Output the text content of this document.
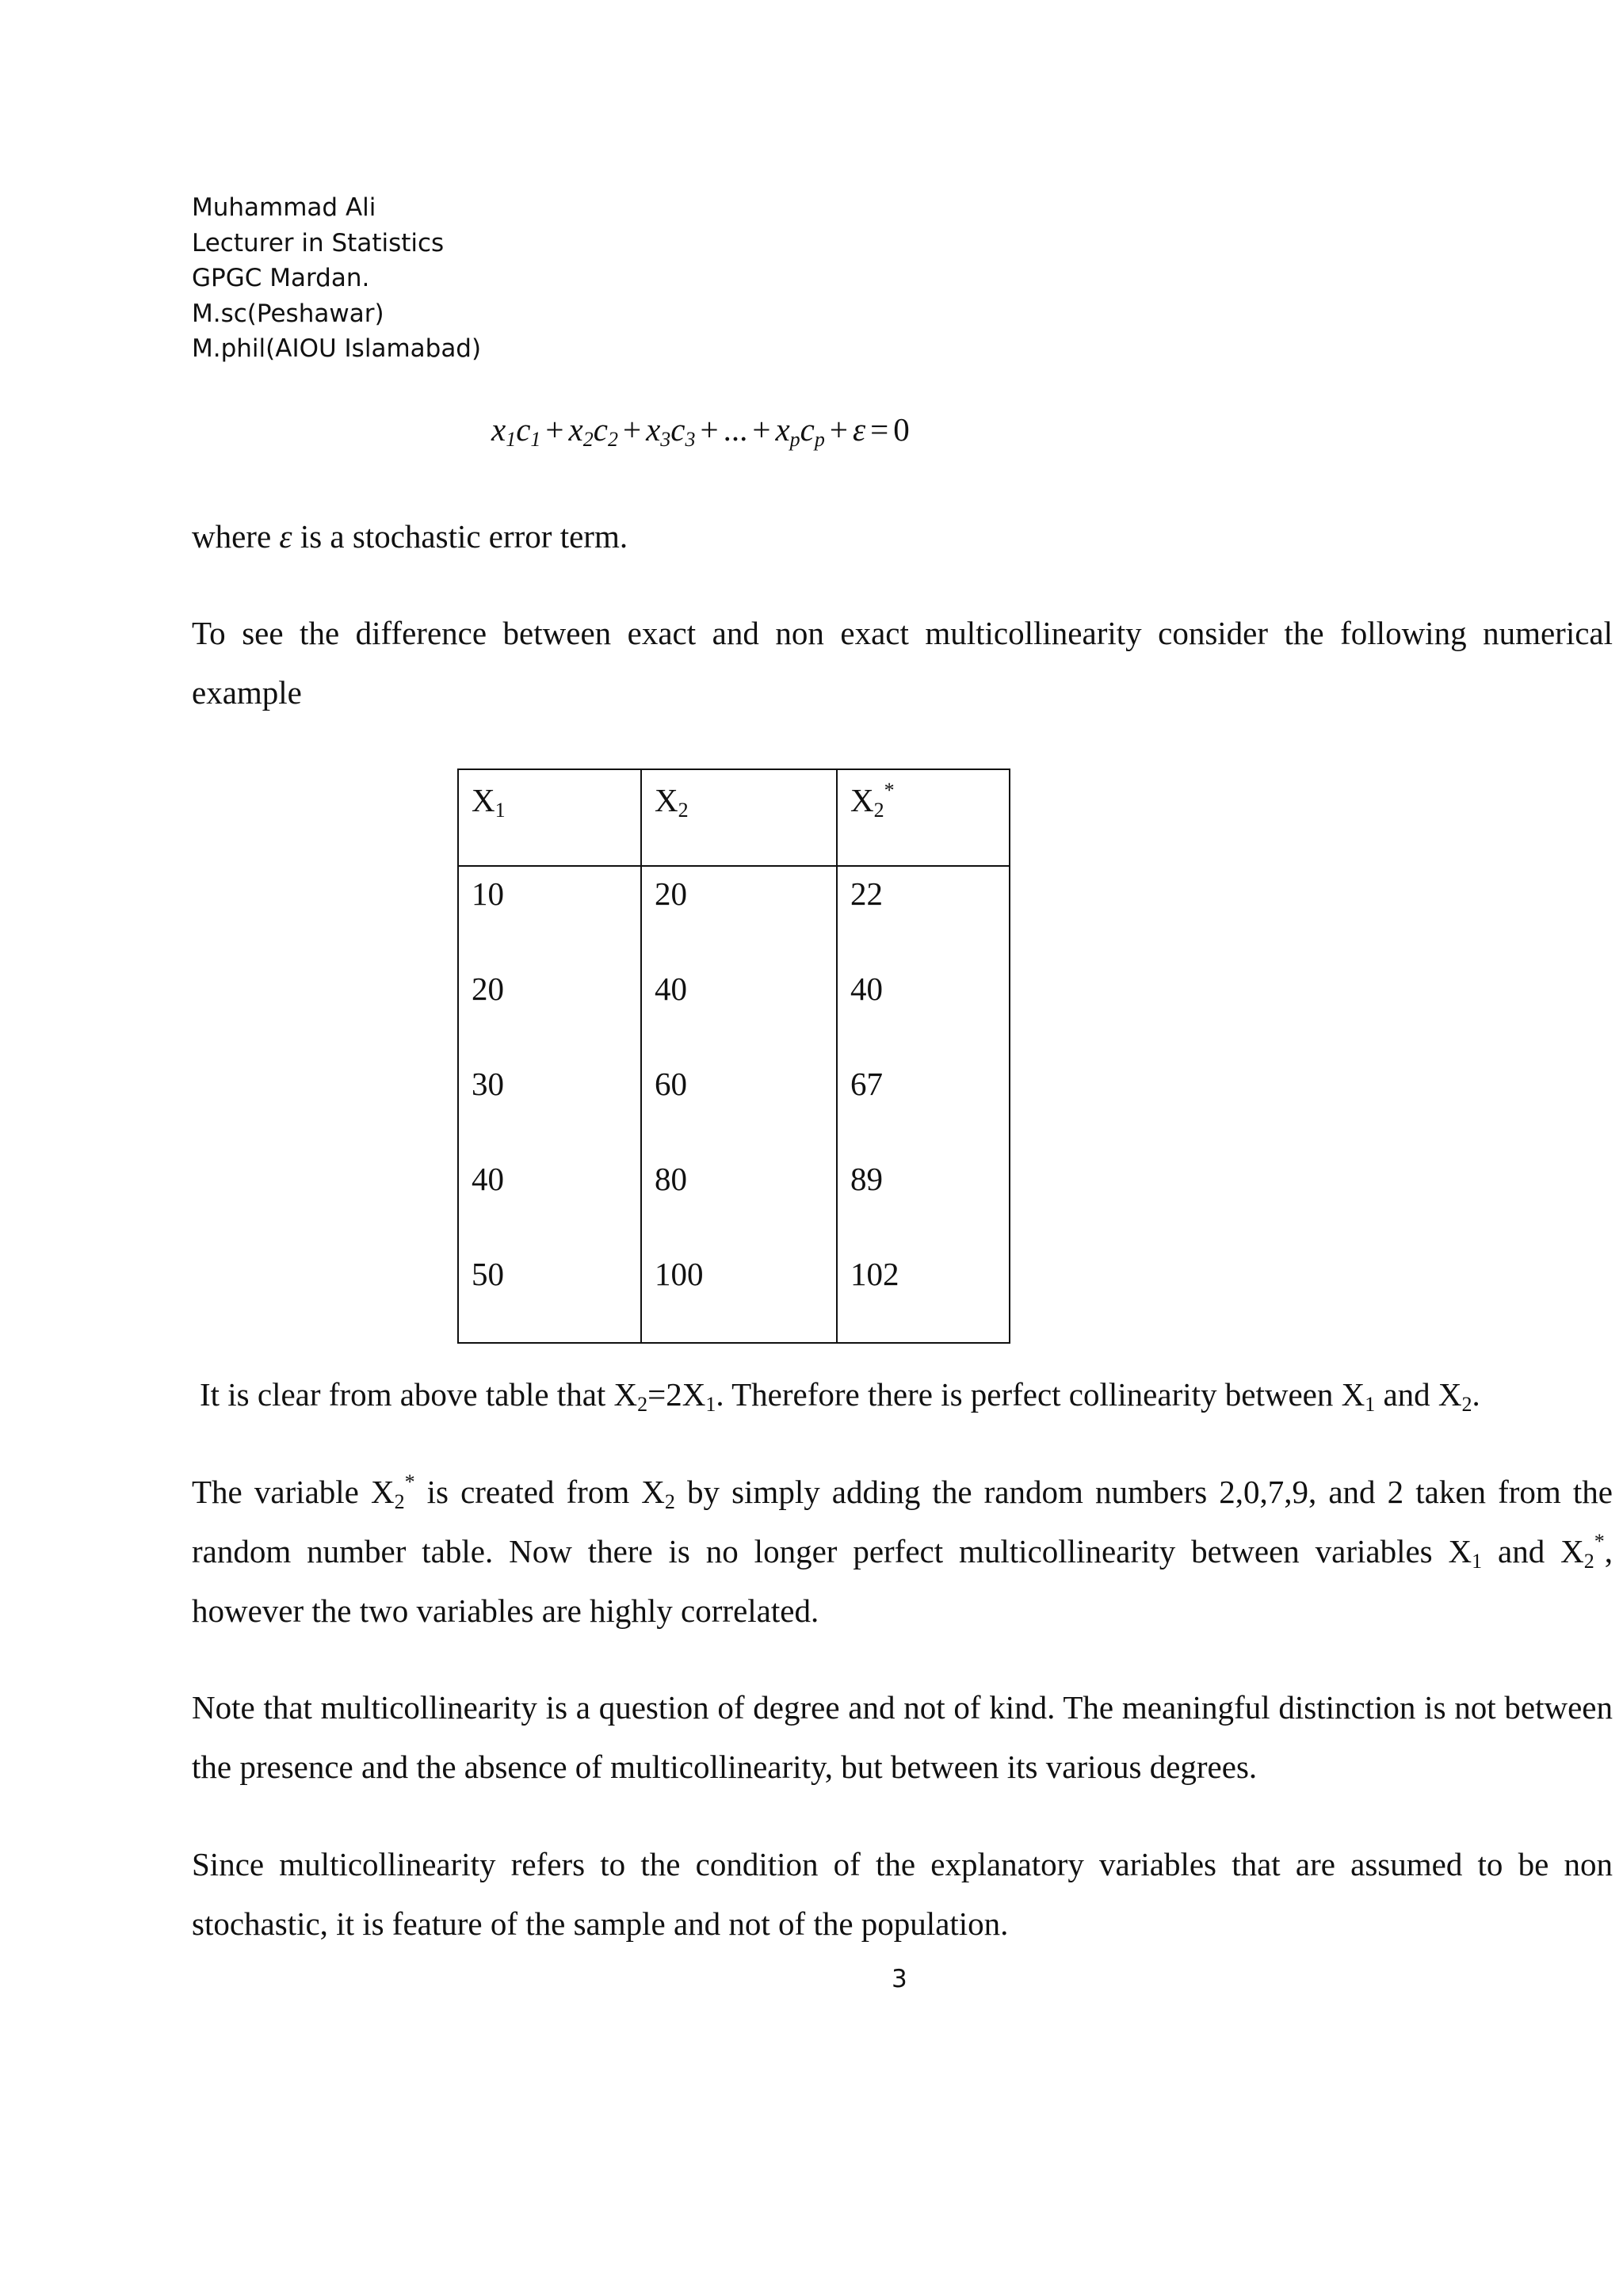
Muhammad Ali
Lecturer in Statistics
GPGC Mardan.
M.sc(Peshawar)
M.phil(AIOU Islamabad)
$x_1c_1 + x_2c_2 + x_3c_3$ + ... + $x_pc_p + \varepsilon = 0$
where ε is a stochastic error term.
To see the difference between exact and non exact multicollinearity consider the following numerical example
$X_1$	$X_2$	$X_2^*$

10	20	22

20	40	40

30	60	67

40	80	89

50	100	102
It is clear from above table that $X_2=2X_1$. Therefore there is perfect collinearity between $X_1$ and $X_2$.
The variable $X_2^*$ is created from $X_2$ by simply adding the random numbers 2,0,7,9, and 2 taken from the random number table. Now there is no longer perfect multicollinearity between variables $X_1$ and $X_2^*$, however the two variables are highly correlated.
Note that multicollinearity is a question of degree and not of kind. The meaningful distinction is not between the presence and the absence of multicollinearity, but between its various degrees.
Since multicollinearity refers to the condition of the explanatory variables that are assumed to be non stochastic, it is feature of the sample and not of the population.
3
